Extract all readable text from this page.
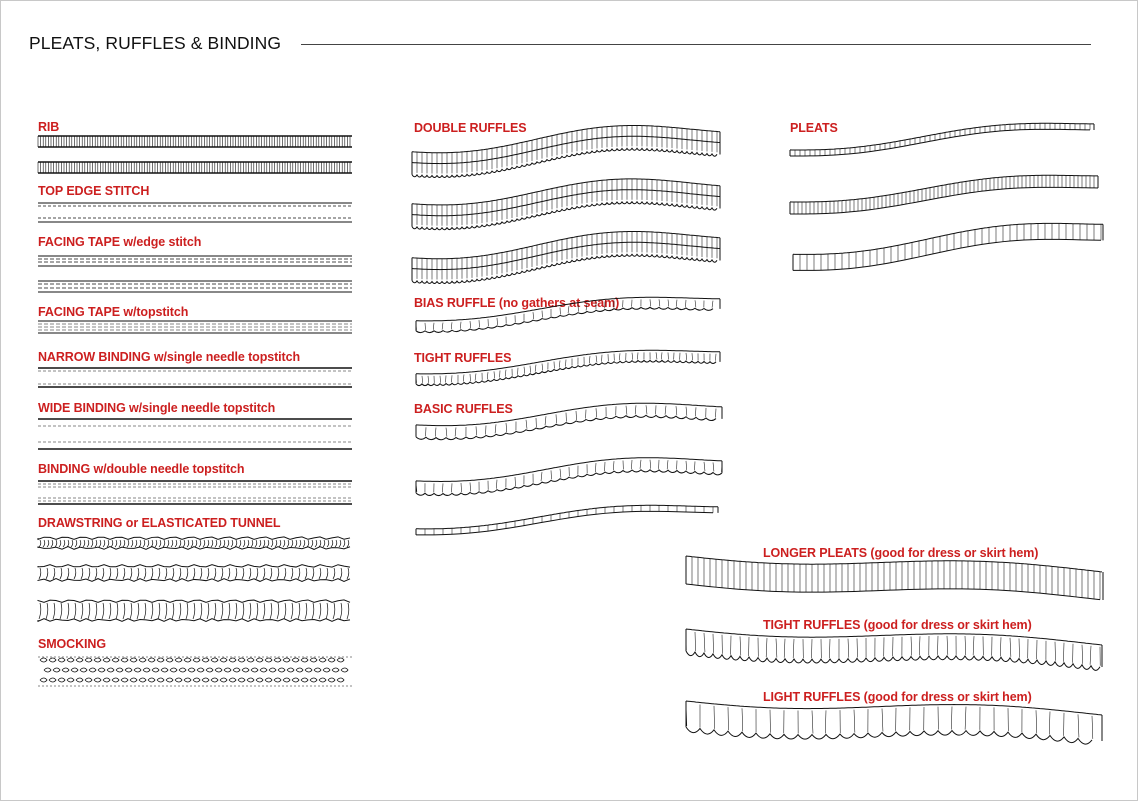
PLEATS, RUFFLES & BINDING
RIB
TOP EDGE STITCH
FACING TAPE w/edge stitch
FACING TAPE w/topstitch
NARROW BINDING w/single needle topstitch
WIDE BINDING w/single needle topstitch
BINDING w/double needle topstitch
DRAWSTRING or ELASTICATED TUNNEL
SMOCKING
DOUBLE RUFFLES
BIAS RUFFLE (no gathers at seam)
TIGHT RUFFLES
BASIC RUFFLES
PLEATS
LONGER PLEATS (good for dress or skirt hem)
TIGHT RUFFLES (good for dress or skirt hem)
LIGHT RUFFLES (good for dress or skirt hem)
